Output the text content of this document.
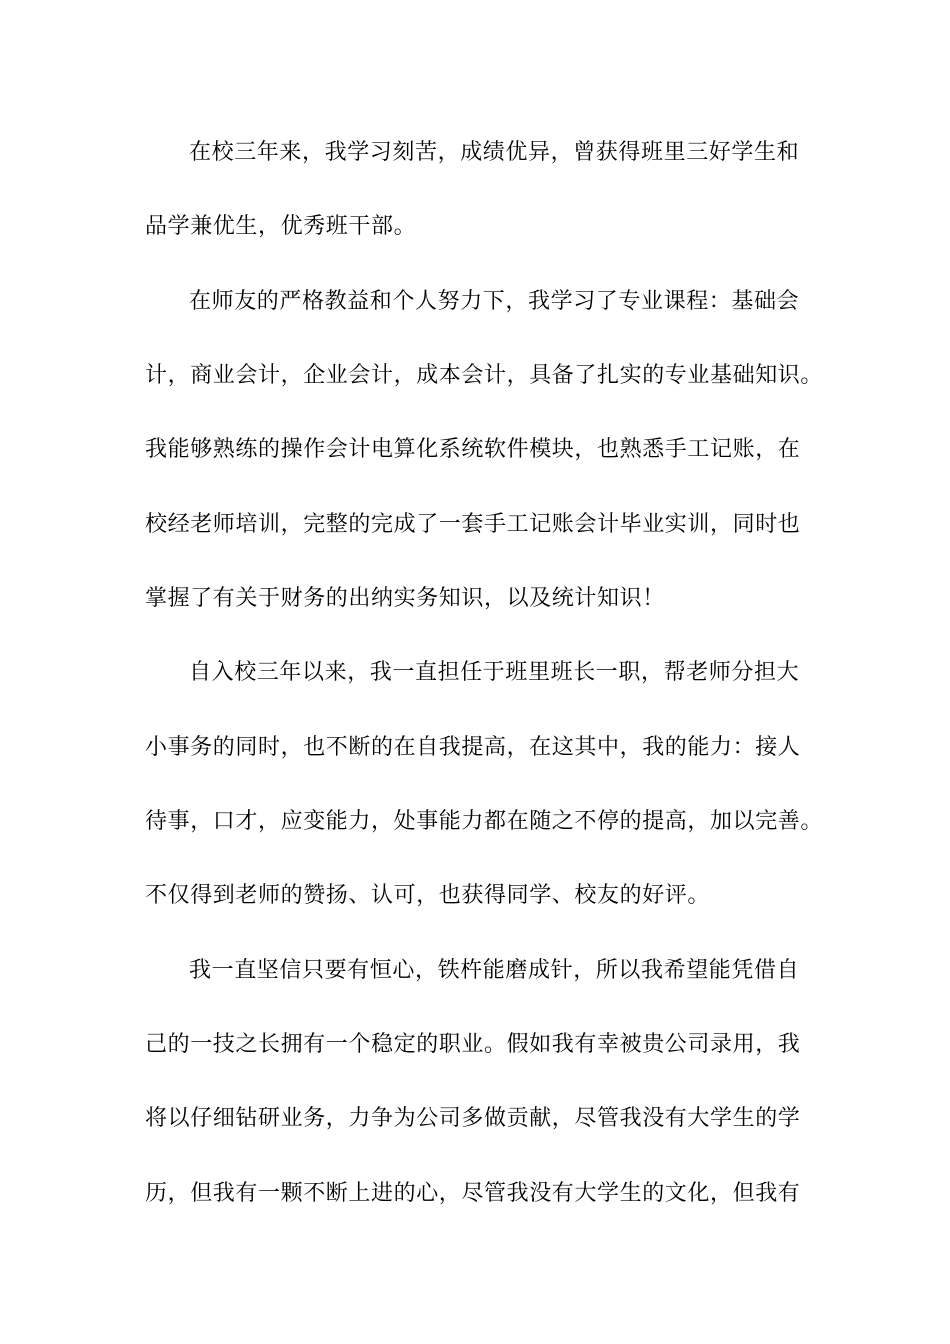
在校三年来，我学习刻苦，成绩优异，曾获得班里三好学生和
品学兼优生，优秀班干部。
在师友的严格教益和个人努力下，我学习了专业课程：基础会
计，商业会计，企业会计，成本会计，具备了扎实的专业基础知识。
我能够熟练的操作会计电算化系统软件模块，也熟悉手工记账，在
校经老师培训，完整的完成了一套手工记账会计毕业实训，同时也
掌握了有关于财务的出纳实务知识，以及统计知识！
自入校三年以来，我一直担任于班里班长一职，帮老师分担大
小事务的同时，也不断的在自我提高，在这其中，我的能力：接人
待事，口才，应变能力，处事能力都在随之不停的提高，加以完善。
不仅得到老师的赞扬、认可，也获得同学、校友的好评。
我一直坚信只要有恒心，铁杵能磨成针，所以我希望能凭借自
己的一技之长拥有一个稳定的职业。假如我有幸被贵公司录用，我
将以仔细钻研业务，力争为公司多做贡献，尽管我没有大学生的学
历，但我有一颗不断上进的心，尽管我没有大学生的文化，但我有
